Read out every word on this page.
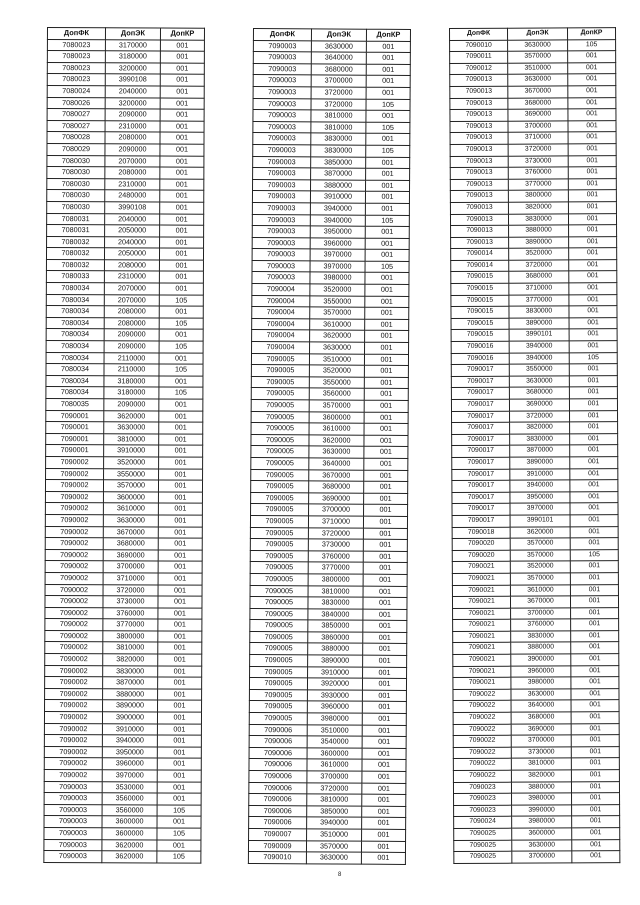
ДопФК	ДопЭК	ДопКР
7080023	3170000	001
7080023	3180000	001
7080023	3200000	001
7080023	3990108	001
7080024	2040000	001
7080026	3200000	001
7080027	2090000	001
7080027	2310000	001
7080028	2080000	001
7080029	2090000	001
7080030	2070000	001
7080030	2080000	001
7080030	2310000	001
7080030	2480000	001
7080030	3990108	001
7080031	2040000	001
7080031	2050000	001
7080032	2040000	001
7080032	2050000	001
7080032	2080000	001
7080033	2310000	001
7080034	2070000	001
7080034	2070000	105
7080034	2080000	001
7080034	2080000	105
7080034	2090000	001
7080034	2090000	105
7080034	2110000	001
7080034	2110000	105
7080034	3180000	001
7080034	3180000	105
7080035	2090000	001
7090001	3620000	001
7090001	3630000	001
7090001	3810000	001
7090001	3910000	001
7090002	3520000	001
7090002	3550000	001
7090002	3570000	001
7090002	3600000	001
7090002	3610000	001
7090002	3630000	001
7090002	3670000	001
7090002	3680000	001
7090002	3690000	001
7090002	3700000	001
7090002	3710000	001
7090002	3720000	001
7090002	3730000	001
7090002	3760000	001
7090002	3770000	001
7090002	3800000	001
7090002	3810000	001
7090002	3820000	001
7090002	3830000	001
7090002	3870000	001
7090002	3880000	001
7090002	3890000	001
7090002	3900000	001
7090002	3910000	001
7090002	3940000	001
7090002	3950000	001
7090002	3960000	001
7090002	3970000	001
7090003	3530000	001
7090003	3560000	001
7090003	3560000	105
7090003	3600000	001
7090003	3600000	105
7090003	3620000	001
7090003	3620000	105
ДопФК	ДопЭК	ДопКР
7090003	3630000	001
7090003	3640000	001
7090003	3680000	001
7090003	3700000	001
7090003	3720000	001
7090003	3720000	105
7090003	3810000	001
7090003	3810000	105
7090003	3830000	001
7090003	3830000	105
7090003	3850000	001
7090003	3870000	001
7090003	3880000	001
7090003	3910000	001
7090003	3940000	001
7090003	3940000	105
7090003	3950000	001
7090003	3960000	001
7090003	3970000	001
7090003	3970000	105
7090003	3980000	001
7090004	3520000	001
7090004	3550000	001
7090004	3570000	001
7090004	3610000	001
7090004	3620000	001
7090004	3630000	001
7090005	3510000	001
7090005	3520000	001
7090005	3550000	001
7090005	3560000	001
7090005	3570000	001
7090005	3600000	001
7090005	3610000	001
7090005	3620000	001
7090005	3630000	001
7090005	3640000	001
7090005	3670000	001
7090005	3680000	001
7090005	3690000	001
7090005	3700000	001
7090005	3710000	001
7090005	3720000	001
7090005	3730000	001
7090005	3760000	001
7090005	3770000	001
7090005	3800000	001
7090005	3810000	001
7090005	3830000	001
7090005	3840000	001
7090005	3850000	001
7090005	3860000	001
7090005	3880000	001
7090005	3890000	001
7090005	3910000	001
7090005	3920000	001
7090005	3930000	001
7090005	3960000	001
7090005	3980000	001
7090006	3510000	001
7090006	3540000	001
7090006	3600000	001
7090006	3610000	001
7090006	3700000	001
7090006	3720000	001
7090006	3810000	001
7090006	3850000	001
7090006	3940000	001
7090007	3510000	001
7090009	3570000	001
7090010	3630000	001
ДопФК	ДопЭК	ДопКР
7090010	3630000	105
7090011	3570000	001
7090012	3510000	001
7090013	3630000	001
7090013	3670000	001
7090013	3680000	001
7090013	3690000	001
7090013	3700000	001
7090013	3710000	001
7090013	3720000	001
7090013	3730000	001
7090013	3760000	001
7090013	3770000	001
7090013	3800000	001
7090013	3820000	001
7090013	3830000	001
7090013	3880000	001
7090013	3890000	001
7090014	3520000	001
7090014	3720000	001
7090015	3680000	001
7090015	3710000	001
7090015	3770000	001
7090015	3830000	001
7090015	3890000	001
7090015	3990101	001
7090016	3940000	001
7090016	3940000	105
7090017	3550000	001
7090017	3630000	001
7090017	3680000	001
7090017	3690000	001
7090017	3720000	001
7090017	3820000	001
7090017	3830000	001
7090017	3870000	001
7090017	3890000	001
7090017	3910000	001
7090017	3940000	001
7090017	3950000	001
7090017	3970000	001
7090017	3990101	001
7090018	3620000	001
7090020	3570000	001
7090020	3570000	105
7090021	3520000	001
7090021	3570000	001
7090021	3610000	001
7090021	3670000	001
7090021	3700000	001
7090021	3760000	001
7090021	3830000	001
7090021	3880000	001
7090021	3900000	001
7090021	3960000	001
7090021	3980000	001
7090022	3630000	001
7090022	3640000	001
7090022	3680000	001
7090022	3690000	001
7090022	3700000	001
7090022	3730000	001
7090022	3810000	001
7090022	3820000	001
7090023	3880000	001
7090023	3980000	001
7090023	3990000	001
7090024	3980000	001
7090025	3600000	001
7090025	3630000	001
7090025	3700000	001
8
